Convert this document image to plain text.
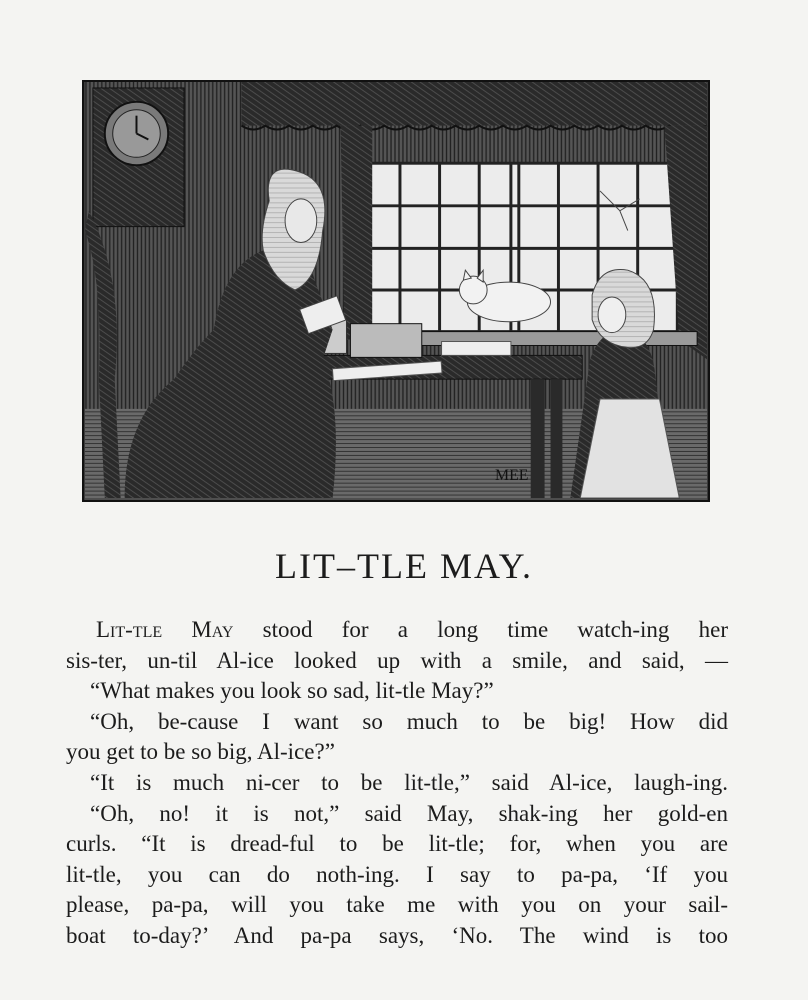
MEE
LIT–TLE MAY.

Lit-tle May stood for a long time watch-ing her

sis-ter, un-til Al-ice looked up with a smile, and said, —

“What makes you look so sad, lit-tle May?”

“Oh, be-cause I want so much to be big! How did

you get to be so big, Al-ice?”

“It is much ni-cer to be lit-tle,” said Al-ice, laugh-ing.

“Oh, no! it is not,” said May, shak-ing her gold-en

curls. “It is dread-ful to be lit-tle; for, when you are

lit-tle, you can do noth-ing. I say to pa-pa, ‘If you

please, pa-pa, will you take me with you on your sail-

boat to-day?’ And pa-pa says, ‘No. The wind is too
